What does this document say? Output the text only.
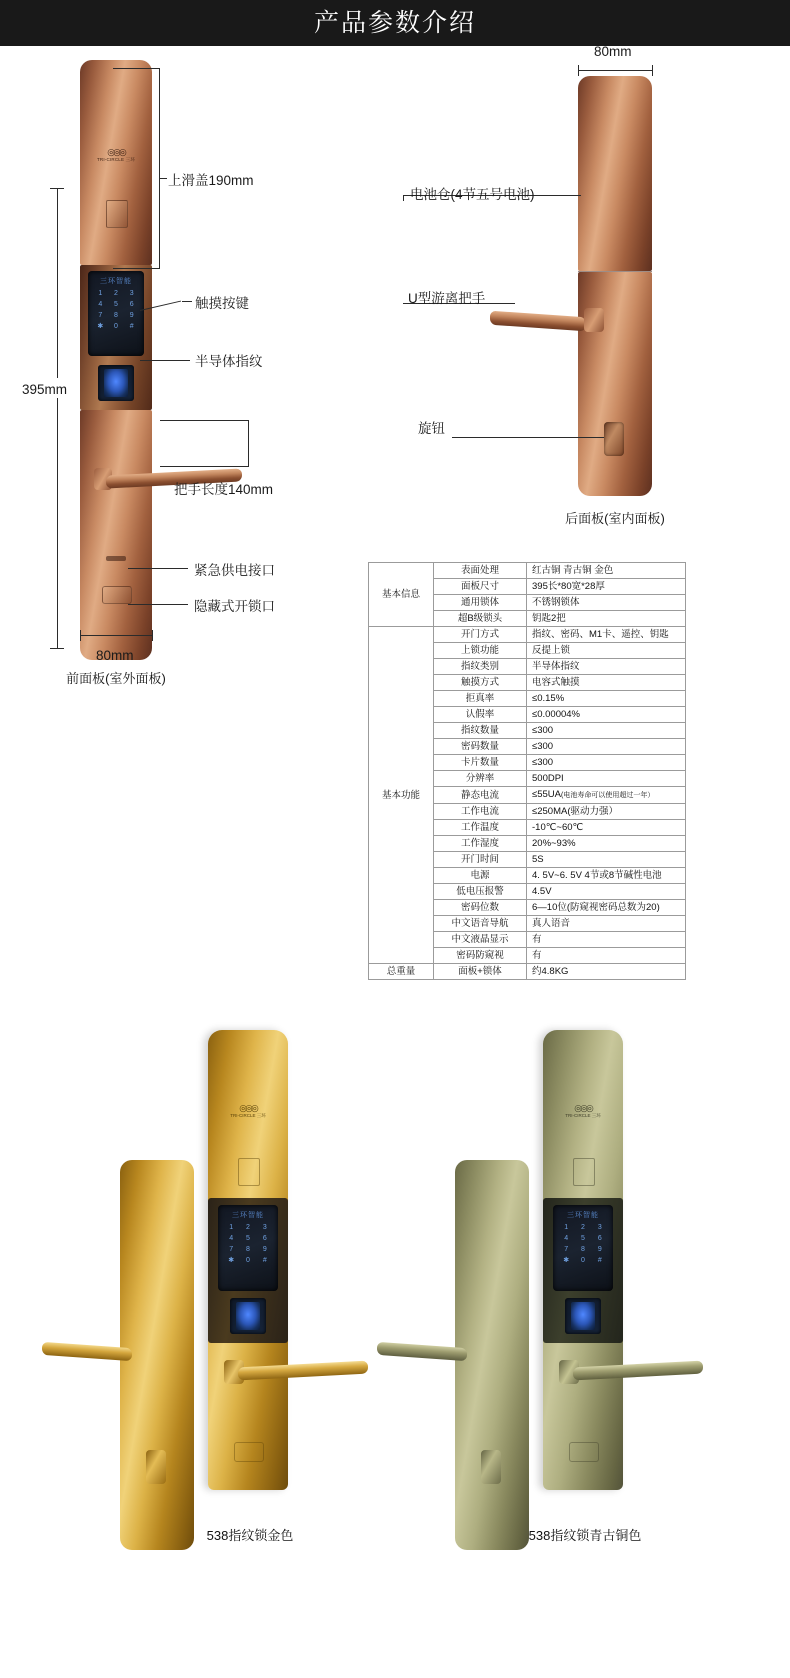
产品参数介绍
◎◎◎
TRI-CIRCLE 三环
三环智能
1	2	3
4	5	6
7	8	9
✱	0	#
395mm
80mm
上滑盖190mm
触摸按键
半导体指纹
把手长度140mm
紧急供电接口
隐藏式开锁口
前面板(室外面板)
80mm
电池仓(4节五号电池)
U型游离把手
旋钮
后面板(室内面板)
基本信息	表面处理	红古铜 青古铜 金色
	面板尺寸	395长*80宽*28厚
	通用锁体	不锈钢锁体
	超B级锁头	钥匙2把
基本功能	开门方式	指纹、密码、M1卡、遥控、钥匙
	上锁功能	反提上锁
	指纹类别	半导体指纹
	触摸方式	电容式触摸
	拒真率	≤0.15%
	认假率	≤0.00004%
	指纹数量	≤300
	密码数量	≤300
	卡片数量	≤300
	分辨率	500DPI
	静态电流	≤55UA(电池寿命可以使用超过一年）
	工作电流	≤250MA(驱动力强）
	工作温度	-10℃~60℃
	工作湿度	20%~93%
	开门时间	5S
	电源	4. 5V~6. 5V 4节或8节碱性电池
	低电压报警	4.5V
	密码位数	6—10位(防窥视密码总数为20)
	中文语音导航	真人语音
	中文液晶显示	有
	密码防窥视	有
总重量	面板+锁体	约4.8KG
◎◎◎
TRI-CIRCLE 三环
三环智能
1	2	3
4	5	6
7	8	9
✱	0	#
538指纹锁金色
◎◎◎
TRI-CIRCLE 三环
三环智能
1	2	3
4	5	6
7	8	9
✱	0	#
538指纹锁青古铜色
